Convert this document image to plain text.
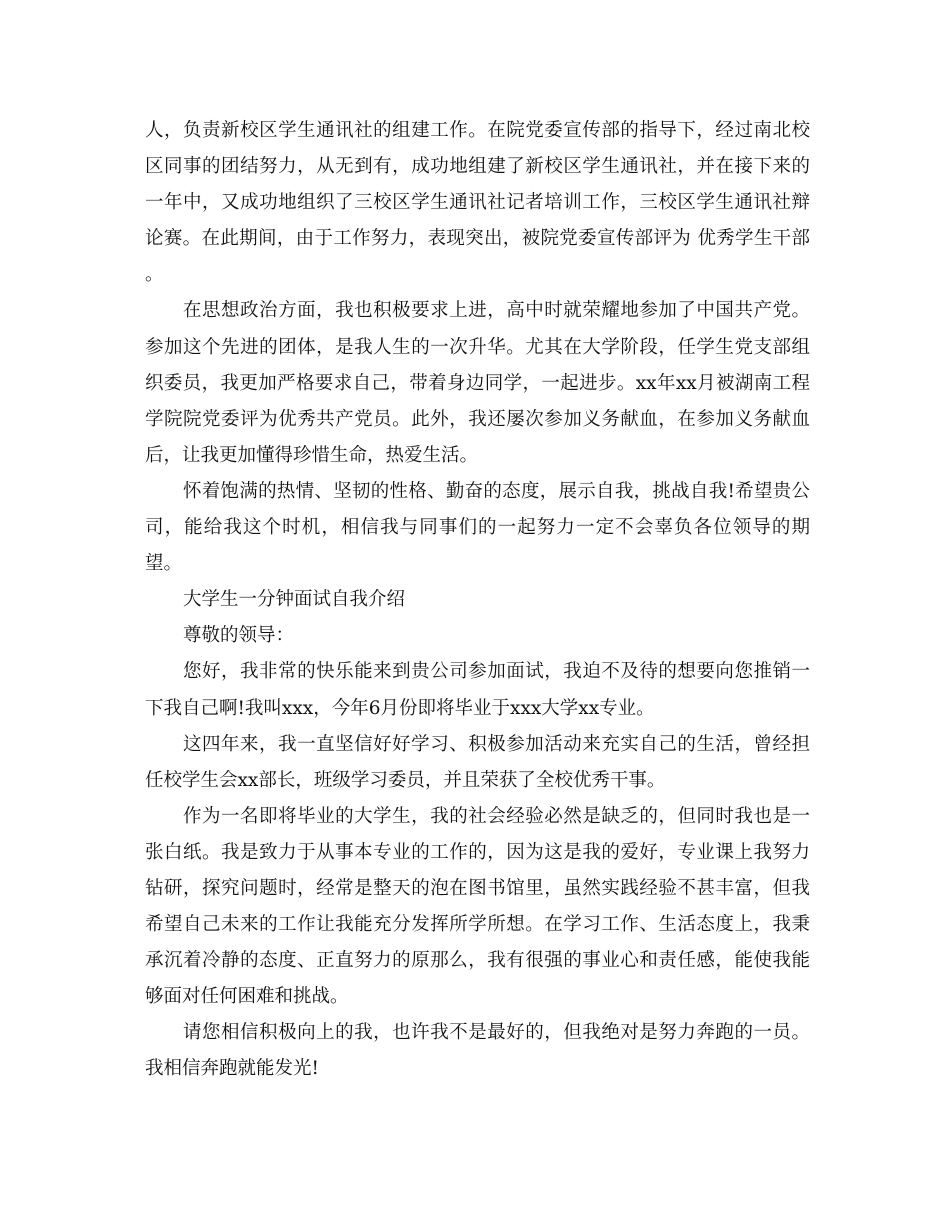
人，负责新校区学生通讯社的组建工作。在院党委宣传部的指导下，经过南北校区同事的团结努力，从无到有，成功地组建了新校区学生通讯社，并在接下来的一年中，又成功地组织了三校区学生通讯社记者培训工作，三校区学生通讯社辩论赛。在此期间，由于工作努力，表现突出，被院党委宣传部评为 优秀学生干部 。

在思想政治方面，我也积极要求上进，高中时就荣耀地参加了中国共产党。参加这个先进的团体，是我人生的一次升华。尤其在大学阶段，任学生党支部组织委员，我更加严格要求自己，带着身边同学，一起进步。xx年xx月被湖南工程学院院党委评为优秀共产党员。此外，我还屡次参加义务献血，在参加义务献血后，让我更加懂得珍惜生命，热爱生活。

怀着饱满的热情、坚韧的性格、勤奋的态度，展示自我，挑战自我!希望贵公司，能给我这个时机，相信我与同事们的一起努力一定不会辜负各位领导的期望。

大学生一分钟面试自我介绍

尊敬的领导：

您好，我非常的快乐能来到贵公司参加面试，我迫不及待的想要向您推销一下我自己啊!我叫xxx，今年6月份即将毕业于xxx大学xx专业。

这四年来，我一直坚信好好学习、积极参加活动来充实自己的生活，曾经担任校学生会xx部长，班级学习委员，并且荣获了全校优秀干事。

作为一名即将毕业的大学生，我的社会经验必然是缺乏的，但同时我也是一张白纸。我是致力于从事本专业的工作的，因为这是我的爱好，专业课上我努力钻研，探究问题时，经常是整天的泡在图书馆里，虽然实践经验不甚丰富，但我希望自己未来的工作让我能充分发挥所学所想。在学习工作、生活态度上，我秉承沉着冷静的态度、正直努力的原那么，我有很强的事业心和责任感，能使我能够面对任何困难和挑战。

请您相信积极向上的我，也许我不是最好的，但我绝对是努力奔跑的一员。我相信奔跑就能发光!
